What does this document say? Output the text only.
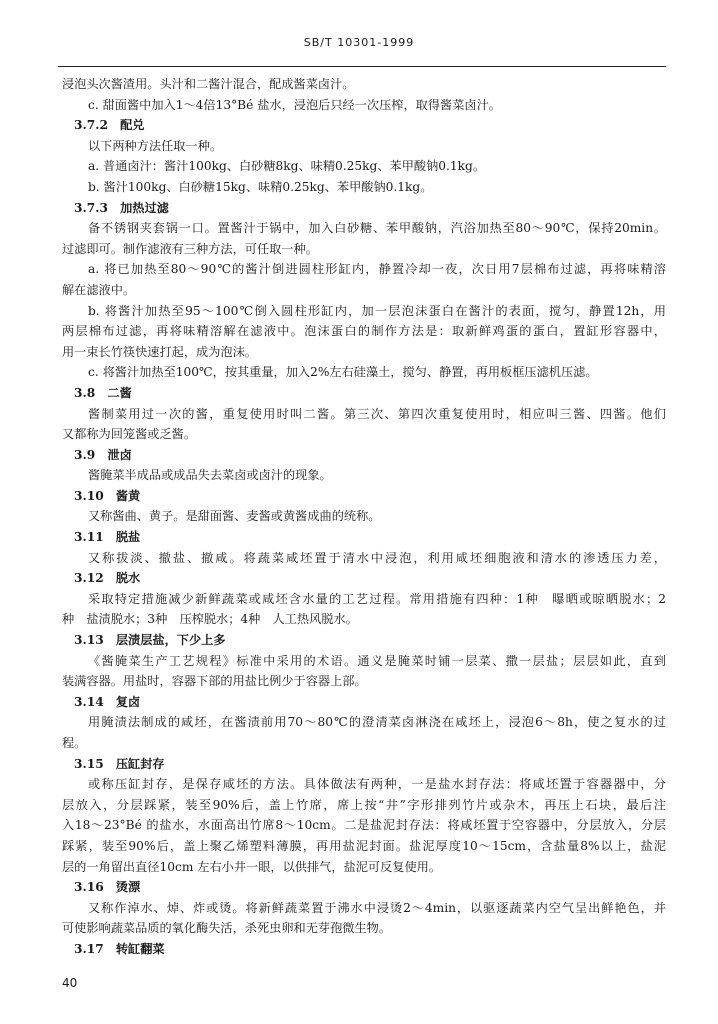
SB/T 10301-1999
浸泡头次酱渣用。头汁和二酱汁混合，配成酱菜卤汁。
c. 甜面酱中加入1～4倍13°Bé 盐水，浸泡后只经一次压榨，取得酱菜卤汁。
3.7.2　配兑
以下两种方法任取一种。
a. 普通卤汁：酱汁100kg、白砂糖8kg、味精0.25kg、苯甲酸钠0.1kg。
b. 酱汁100kg、白砂糖15kg、味精0.25kg、苯甲酸钠0.1kg。
3.7.3　加热过滤
备不锈钢夹套锅一口。置酱汁于锅中，加入白砂糖、苯甲酸钠，汽浴加热至80～90℃，保持20min。
过滤即可。制作滤液有三种方法，可任取一种。
a. 将已加热至80～90℃的酱汁倒进圆柱形缸内，静置冷却一夜，次日用7层棉布过滤，再将味精溶
解在滤液中。
b. 将酱汁加热至95～100℃倒入圆柱形缸内，加一层泡沫蛋白在酱汁的表面，搅匀，静置12h，用
两层棉布过滤，再将味精溶解在滤液中。泡沫蛋白的制作方法是：取新鲜鸡蛋的蛋白，置缸形容器中，
用一束长竹筷快速打起，成为泡沫。
c. 将酱汁加热至100℃，按其重量，加入2%左右硅藻土，搅匀、静置，再用板框压滤机压滤。
3.8　二酱
酱制菜用过一次的酱，重复使用时叫二酱。第三次、第四次重复使用时，相应叫三酱、四酱。他们
又都称为回笼酱或乏酱。
3.9　泄卤
酱腌菜半成品或成品失去菜卤或卤汁的现象。
3.10　酱黄
又称酱曲、黄子。是甜面酱、麦酱或黄酱成曲的统称。
3.11　脱盐
又称拔淡、撤盐、撤咸。将蔬菜咸坯置于清水中浸泡，利用咸坯细胞液和清水的渗透压力差，
3.12　脱水
采取特定措施减少新鲜蔬菜或咸坯含水量的工艺过程。常用措施有四种：1种　曝晒或晾晒脱水；2
种　盐渍脱水；3种　压榨脱水；4种　人工热风脱水。
3.13　层渍层盐，下少上多
《酱腌菜生产工艺规程》标准中采用的术语。通义是腌菜时铺一层菜、撒一层盐；层层如此，直到
装满容器。用盐时，容器下部的用盐比例少于容器上部。
3.14　复卤
用腌渍法制成的咸坯，在酱渍前用70～80℃的澄清菜卤淋浇在咸坯上，浸泡6～8h，使之复水的过
程。
3.15　压缸封存
或称压缸封存，是保存咸坯的方法。具体做法有两种，一是盐水封存法：将咸坯置于容器器中，分
层放入，分层踩紧，装至90%后，盖上竹席，席上按“井”字形排列竹片或杂木，再压上石块，最后注
入18～23°Bé 的盐水，水面高出竹席8～10cm。二是盐泥封存法：将咸坯置于空容器中，分层放入，分层
踩紧，装至90%后，盖上聚乙烯塑料薄膜，再用盐泥封面。盐泥厚度10～15cm，含盐量8%以上，盐泥
层的一角留出直径10cm 左右小井一眼，以供排气，盐泥可反复使用。
3.16　烫漂
又称作淖水、焯、炸或烫。将新鲜蔬菜置于沸水中浸烫2～4min，以驱逐蔬菜内空气呈出鲜艳色，并
可使影响蔬菜品质的氧化酶失活，杀死虫卵和无芽孢微生物。
3.17　转缸翻菜
40
